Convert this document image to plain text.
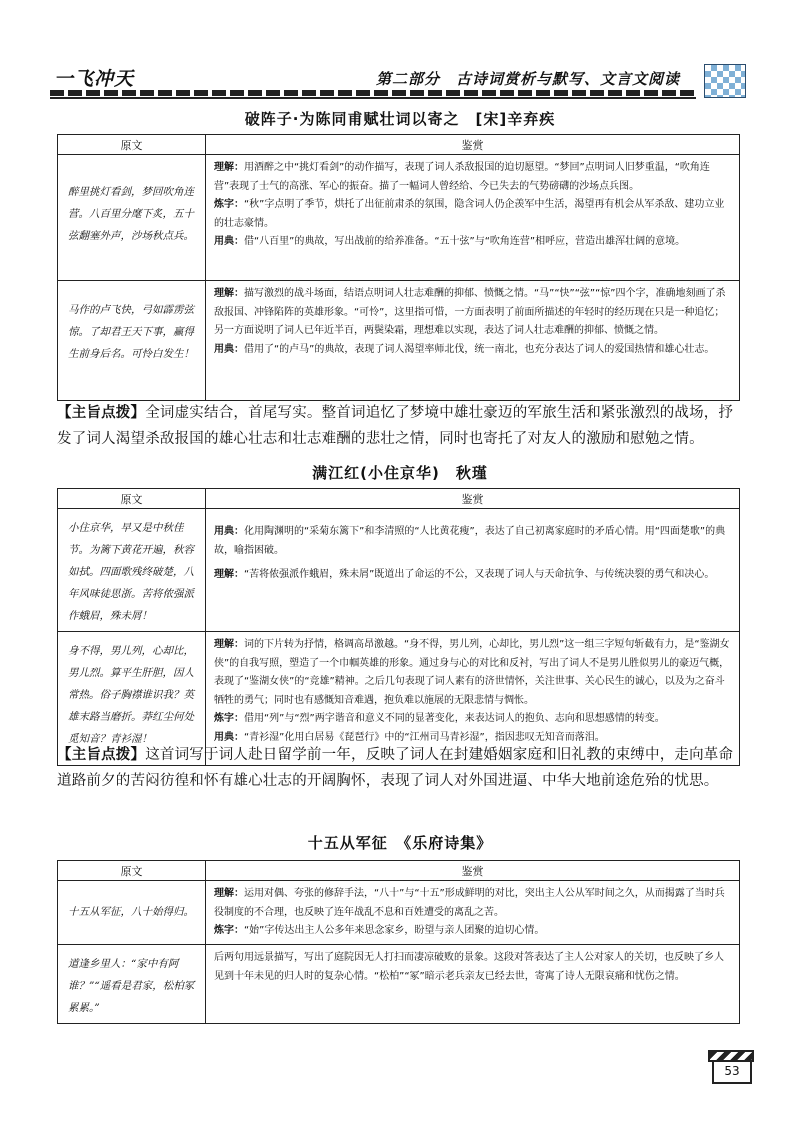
一飞冲天	第二部分　古诗词赏析与默写、文言文阅读
破阵子·为陈同甫赋壮词以寄之　[宋]辛弃疾
原文	鉴赏
醉里挑灯看剑，梦回吹角连营。八百里分麾下炙，五十弦翻塞外声，沙场秋点兵。	理解：用酒醉之中“挑灯看剑”的动作描写，表现了词人杀敌报国的迫切愿望。“梦回”点明词人旧梦重温，“吹角连营”表现了士气的高涨、军心的振奋。描了一幅词人曾经给、今已失去的气势磅礴的沙场点兵图。
炼字：“秋”字点明了季节，烘托了出征前肃杀的氛围，隐含词人仍企羡军中生活，渴望再有机会从军杀敌、建功立业的壮志豪情。
用典：借“八百里”的典故，写出战前的给养准备。“五十弦”与“吹角连营”相呼应，营造出雄浑壮阔的意境。

马作的卢飞快，弓如霹雳弦惊。了却君王天下事，赢得生前身后名。可怜白发生！	理解：描写激烈的战斗场面，结语点明词人壮志难酬的抑郁、愤慨之情。“马”“快”“弦”“惊”四个字，准确地刻画了杀敌报国、冲锋陷阵的英雄形象。“可怜”，这里指可惜，一方面表明了前面所描述的年轻时的经历现在只是一种追忆；另一方面说明了词人已年近半百，两鬓染霜，理想难以实现，表达了词人壮志难酬的抑郁、愤慨之情。
用典：借用了“的卢马”的典故，表现了词人渴望率师北伐，统一南北，也充分表达了词人的爱国热情和雄心壮志。
【主旨点拨】全词虚实结合，首尾写实。整首词追忆了梦境中雄壮豪迈的军旅生活和紧张激烈的战场，抒发了词人渴望杀敌报国的雄心壮志和壮志难酬的悲壮之情，同时也寄托了对友人的激励和慰勉之情。
满江红(小住京华)　秋瑾
原文	鉴赏
小住京华，早又是中秋佳节。为篱下黄花开遍，秋容如拭。四面歌残终破楚，八年风味徒思浙。苦将侬强派作蛾眉，殊未屑！	用典：化用陶渊明的“采菊东篱下”和李清照的“人比黄花瘦”，表达了自己初离家庭时的矛盾心情。用“四面楚歌”的典故，喻指困破。
理解：“苦将侬强派作蛾眉，殊未屑”既道出了命运的不公，又表现了词人与天命抗争、与传统决裂的勇气和决心。

身不得，男儿列，心却比，男儿烈。算平生肝胆，因人常热。俗子胸襟谁识我？英雄末路当磨折。莽红尘何处觅知音？青衫湿！	理解：词的下片转为抒情，格调高昂激越。“身不得，男儿列，心却比，男儿烈”这一组三字短句斩截有力，是“鉴湖女侠”的自我写照，塑造了一个巾帼英雄的形象。通过身与心的对比和反衬，写出了词人不是男儿胜似男儿的豪迈气概，表现了“鉴湖女侠”的“竞雄”精神。之后几句表现了词人素有的济世情怀，关注世事、关心民生的诚心，以及为之奋斗牺牲的勇气；同时也有感慨知音难遇，抱负难以施展的无限悲情与惆怅。
炼字：借用“列”与“烈”两字谐音和意义不同的显著变化，来表达词人的抱负、志向和思想感情的转变。
用典：“青衫湿”化用白居易《琵琶行》中的“江州司马青衫湿”，指因悲叹无知音而落泪。
【主旨点拨】这首词写于词人赴日留学前一年，反映了词人在封建婚姻家庭和旧礼教的束缚中，走向革命道路前夕的苦闷彷徨和怀有雄心壮志的开阔胸怀，表现了词人对外国进逼、中华大地前途危殆的忧思。
十五从军征　《乐府诗集》
原文	鉴赏
十五从军征，八十始得归。	理解：运用对偶、夸张的修辞手法，“八十”与“十五”形成鲜明的对比，突出主人公从军时间之久，从而揭露了当时兵役制度的不合理，也反映了连年战乱不息和百姓遭受的离乱之苦。
炼字：“始”字传达出主人公多年来思念家乡，盼望与亲人团聚的迫切心情。

道逢乡里人：“家中有阿谁？”“遥看是君家，松柏冢累累。”	后两句用远景描写，写出了庭院因无人打扫而凄凉破败的景象。这段对答表达了主人公对家人的关切，也反映了乡人见到十年未见的归人时的复杂心情。“松柏”“冢”暗示老兵亲友已经去世，寄寓了诗人无限哀痛和忧伤之情。
53
